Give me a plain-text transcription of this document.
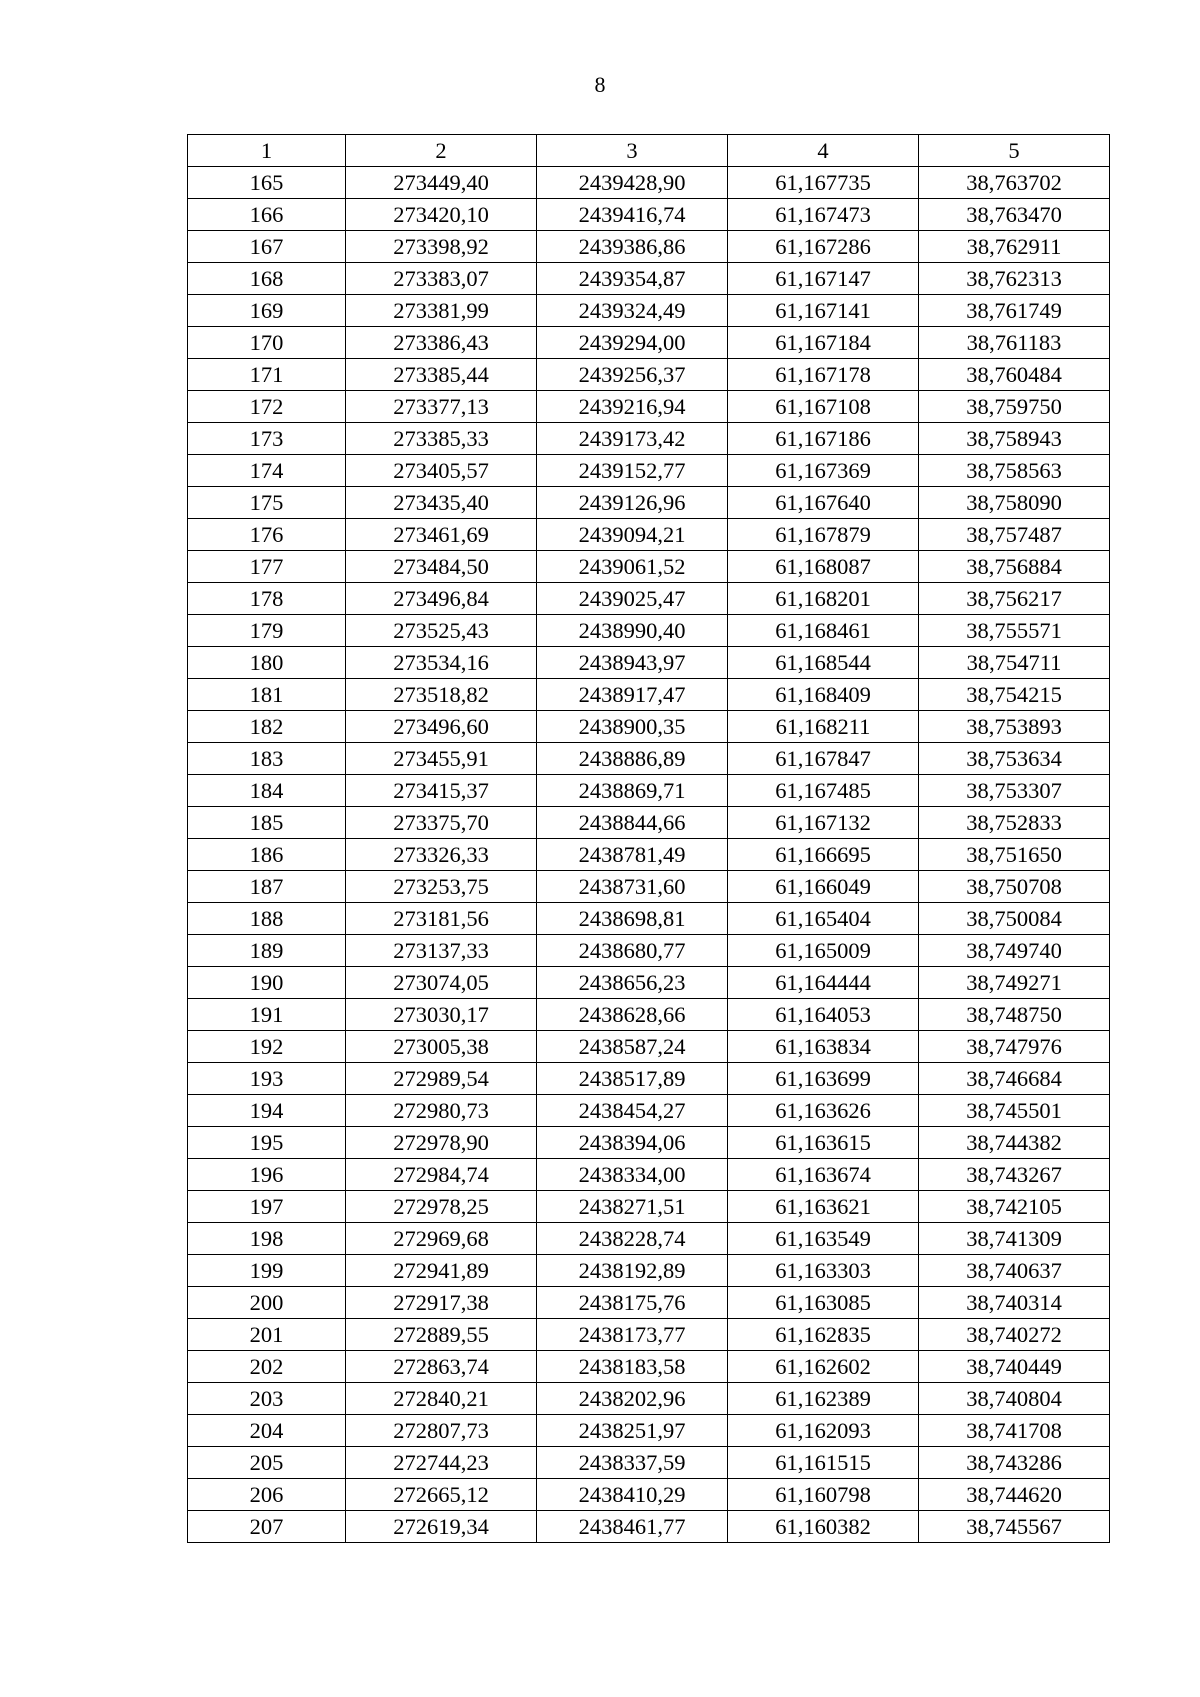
8
1	2	3	4	5
165	273449,40	2439428,90	61,167735	38,763702
166	273420,10	2439416,74	61,167473	38,763470
167	273398,92	2439386,86	61,167286	38,762911
168	273383,07	2439354,87	61,167147	38,762313
169	273381,99	2439324,49	61,167141	38,761749
170	273386,43	2439294,00	61,167184	38,761183
171	273385,44	2439256,37	61,167178	38,760484
172	273377,13	2439216,94	61,167108	38,759750
173	273385,33	2439173,42	61,167186	38,758943
174	273405,57	2439152,77	61,167369	38,758563
175	273435,40	2439126,96	61,167640	38,758090
176	273461,69	2439094,21	61,167879	38,757487
177	273484,50	2439061,52	61,168087	38,756884
178	273496,84	2439025,47	61,168201	38,756217
179	273525,43	2438990,40	61,168461	38,755571
180	273534,16	2438943,97	61,168544	38,754711
181	273518,82	2438917,47	61,168409	38,754215
182	273496,60	2438900,35	61,168211	38,753893
183	273455,91	2438886,89	61,167847	38,753634
184	273415,37	2438869,71	61,167485	38,753307
185	273375,70	2438844,66	61,167132	38,752833
186	273326,33	2438781,49	61,166695	38,751650
187	273253,75	2438731,60	61,166049	38,750708
188	273181,56	2438698,81	61,165404	38,750084
189	273137,33	2438680,77	61,165009	38,749740
190	273074,05	2438656,23	61,164444	38,749271
191	273030,17	2438628,66	61,164053	38,748750
192	273005,38	2438587,24	61,163834	38,747976
193	272989,54	2438517,89	61,163699	38,746684
194	272980,73	2438454,27	61,163626	38,745501
195	272978,90	2438394,06	61,163615	38,744382
196	272984,74	2438334,00	61,163674	38,743267
197	272978,25	2438271,51	61,163621	38,742105
198	272969,68	2438228,74	61,163549	38,741309
199	272941,89	2438192,89	61,163303	38,740637
200	272917,38	2438175,76	61,163085	38,740314
201	272889,55	2438173,77	61,162835	38,740272
202	272863,74	2438183,58	61,162602	38,740449
203	272840,21	2438202,96	61,162389	38,740804
204	272807,73	2438251,97	61,162093	38,741708
205	272744,23	2438337,59	61,161515	38,743286
206	272665,12	2438410,29	61,160798	38,744620
207	272619,34	2438461,77	61,160382	38,745567
